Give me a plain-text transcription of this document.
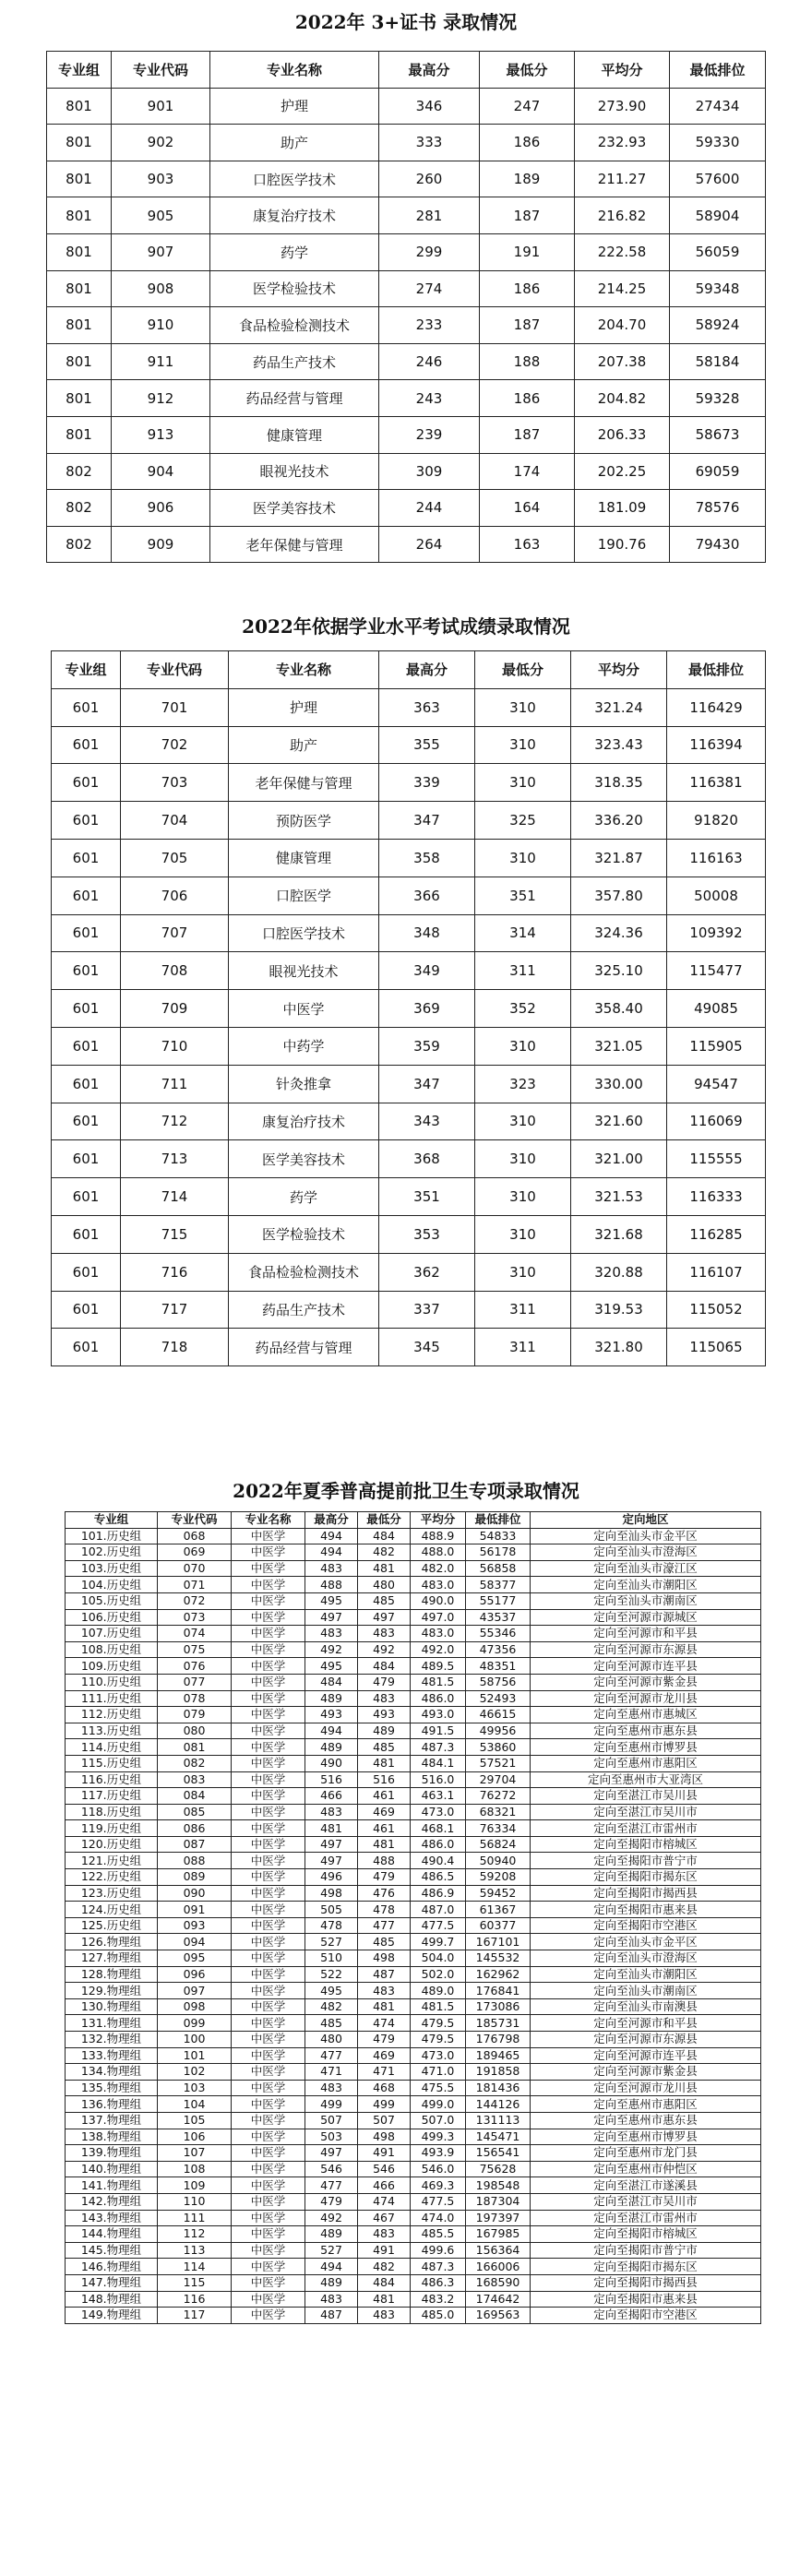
2022年 3+证书 录取情况
专业组	专业代码	专业名称	最高分	最低分	平均分	最低排位
801	901	护理	346	247	273.90	27434
801	902	助产	333	186	232.93	59330
801	903	口腔医学技术	260	189	211.27	57600
801	905	康复治疗技术	281	187	216.82	58904
801	907	药学	299	191	222.58	56059
801	908	医学检验技术	274	186	214.25	59348
801	910	食品检验检测技术	233	187	204.70	58924
801	911	药品生产技术	246	188	207.38	58184
801	912	药品经营与管理	243	186	204.82	59328
801	913	健康管理	239	187	206.33	58673
802	904	眼视光技术	309	174	202.25	69059
802	906	医学美容技术	244	164	181.09	78576
802	909	老年保健与管理	264	163	190.76	79430
2022年依据学业水平考试成绩录取情况
专业组	专业代码	专业名称	最高分	最低分	平均分	最低排位
601	701	护理	363	310	321.24	116429
601	702	助产	355	310	323.43	116394
601	703	老年保健与管理	339	310	318.35	116381
601	704	预防医学	347	325	336.20	91820
601	705	健康管理	358	310	321.87	116163
601	706	口腔医学	366	351	357.80	50008
601	707	口腔医学技术	348	314	324.36	109392
601	708	眼视光技术	349	311	325.10	115477
601	709	中医学	369	352	358.40	49085
601	710	中药学	359	310	321.05	115905
601	711	针灸推拿	347	323	330.00	94547
601	712	康复治疗技术	343	310	321.60	116069
601	713	医学美容技术	368	310	321.00	115555
601	714	药学	351	310	321.53	116333
601	715	医学检验技术	353	310	321.68	116285
601	716	食品检验检测技术	362	310	320.88	116107
601	717	药品生产技术	337	311	319.53	115052
601	718	药品经营与管理	345	311	321.80	115065
2022年夏季普高提前批卫生专项录取情况
专业组	专业代码	专业名称	最高分	最低分	平均分	最低排位	定向地区
101.历史组	068	中医学	494	484	488.9	54833	定向至汕头市金平区
102.历史组	069	中医学	494	482	488.0	56178	定向至汕头市澄海区
103.历史组	070	中医学	483	481	482.0	56858	定向至汕头市濠江区
104.历史组	071	中医学	488	480	483.0	58377	定向至汕头市潮阳区
105.历史组	072	中医学	495	485	490.0	55177	定向至汕头市潮南区
106.历史组	073	中医学	497	497	497.0	43537	定向至河源市源城区
107.历史组	074	中医学	483	483	483.0	55346	定向至河源市和平县
108.历史组	075	中医学	492	492	492.0	47356	定向至河源市东源县
109.历史组	076	中医学	495	484	489.5	48351	定向至河源市连平县
110.历史组	077	中医学	484	479	481.5	58756	定向至河源市紫金县
111.历史组	078	中医学	489	483	486.0	52493	定向至河源市龙川县
112.历史组	079	中医学	493	493	493.0	46615	定向至惠州市惠城区
113.历史组	080	中医学	494	489	491.5	49956	定向至惠州市惠东县
114.历史组	081	中医学	489	485	487.3	53860	定向至惠州市博罗县
115.历史组	082	中医学	490	481	484.1	57521	定向至惠州市惠阳区
116.历史组	083	中医学	516	516	516.0	29704	定向至惠州市大亚湾区
117.历史组	084	中医学	466	461	463.1	76272	定向至湛江市吴川县
118.历史组	085	中医学	483	469	473.0	68321	定向至湛江市吴川市
119.历史组	086	中医学	481	461	468.1	76334	定向至湛江市雷州市
120.历史组	087	中医学	497	481	486.0	56824	定向至揭阳市榕城区
121.历史组	088	中医学	497	488	490.4	50940	定向至揭阳市普宁市
122.历史组	089	中医学	496	479	486.5	59208	定向至揭阳市揭东区
123.历史组	090	中医学	498	476	486.9	59452	定向至揭阳市揭西县
124.历史组	091	中医学	505	478	487.0	61367	定向至揭阳市惠来县
125.历史组	093	中医学	478	477	477.5	60377	定向至揭阳市空港区
126.物理组	094	中医学	527	485	499.7	167101	定向至汕头市金平区
127.物理组	095	中医学	510	498	504.0	145532	定向至汕头市澄海区
128.物理组	096	中医学	522	487	502.0	162962	定向至汕头市潮阳区
129.物理组	097	中医学	495	483	489.0	176841	定向至汕头市潮南区
130.物理组	098	中医学	482	481	481.5	173086	定向至汕头市南澳县
131.物理组	099	中医学	485	474	479.5	185731	定向至河源市和平县
132.物理组	100	中医学	480	479	479.5	176798	定向至河源市东源县
133.物理组	101	中医学	477	469	473.0	189465	定向至河源市连平县
134.物理组	102	中医学	471	471	471.0	191858	定向至河源市紫金县
135.物理组	103	中医学	483	468	475.5	181436	定向至河源市龙川县
136.物理组	104	中医学	499	499	499.0	144126	定向至惠州市惠阳区
137.物理组	105	中医学	507	507	507.0	131113	定向至惠州市惠东县
138.物理组	106	中医学	503	498	499.3	145471	定向至惠州市博罗县
139.物理组	107	中医学	497	491	493.9	156541	定向至惠州市龙门县
140.物理组	108	中医学	546	546	546.0	75628	定向至惠州市仲恺区
141.物理组	109	中医学	477	466	469.3	198548	定向至湛江市遂溪县
142.物理组	110	中医学	479	474	477.5	187304	定向至湛江市吴川市
143.物理组	111	中医学	492	467	474.0	197397	定向至湛江市雷州市
144.物理组	112	中医学	489	483	485.5	167985	定向至揭阳市榕城区
145.物理组	113	中医学	527	491	499.6	156364	定向至揭阳市普宁市
146.物理组	114	中医学	494	482	487.3	166006	定向至揭阳市揭东区
147.物理组	115	中医学	489	484	486.3	168590	定向至揭阳市揭西县
148.物理组	116	中医学	483	481	483.2	174642	定向至揭阳市惠来县
149.物理组	117	中医学	487	483	485.0	169563	定向至揭阳市空港区
